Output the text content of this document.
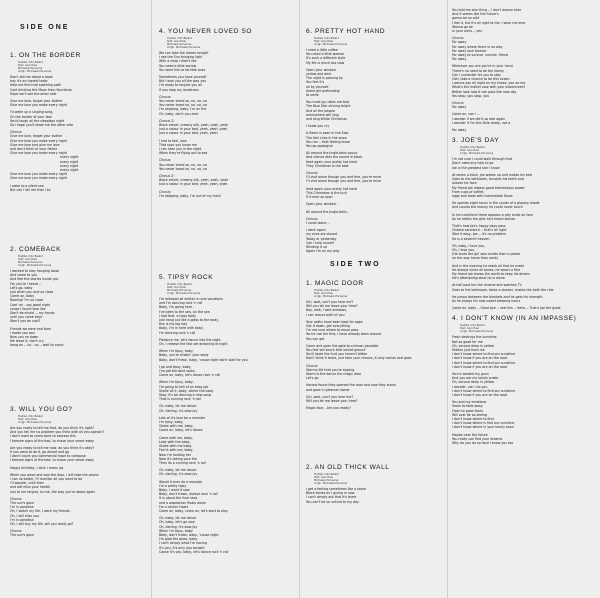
SIDE ONE
1. ON THE BORDER
Hudika / Dio Belaid
Text: Ivan Hasi
Michaela Porvacoa
Arrgt.: Michaela Porvacoa
Don't tell me about a book
hay it's an honest table
Help me find that soothing path
Cold drinking the Moon from flourishes
Hope we'll see the other side
Give me love, forget your bother
Give me love you make every night
I'd wake up a singing song,
On the border of your fear
You'd laugh all the sleepless night
So I hope you'll show me the other side
Chorus:
Give me love, forget your bother
Give me love you make every night
Give me love and give me love
and don't think of your father
Give me love you make every night
every night
every night
every night
every night
Give me love you make every night
Give me love you make every night
I wake to a silent sea
But can I tell me that I lie
2. COMEBACK
Hudika / Dio Belaid
Text: Ivan Hasi
Michaela Porvacoa
Arrgt.: Michaela Porvacoa
I wanted to stay hanging loose
And come to you
And feel the stories inside you
For you're I heard --
Let's go, baby
Just when you and so close
Come on, baby
Roaring! I'm so close
Com' on - say good night
cause I found love like
Don't be afraid ... my hands
until you come back
Won't you be cool?
Friends we were and then
I made you sad
Now you no down
Me leave it, don't cry
hang on -- no - no -- wait to count
3. WILL YOU GO?
Hudika / Dio Belaid
Text: Ivan Hasi
Arrgt.: Michaela Porvacoa
Are you ready to tell me that, do you think it's right?
And you tell me no problem you think with all you opinion?
I don't want to come back to express this
I foresee signs of the bad, to chase your smart away
Are you ready to tell me now, do you think it's okay?
If you want to do it, go ahead and go
I won't count you commercial hope to compose
I foresee signs of the bad, to chase your smart away
Happy birthday, I wish I mean joy
When you wave and saw the door, I will take the phone
I can no better, I'll monitor all you want to be
I'll wonder, until then
and will miss your health
Just to me forgive, to me, the way you're about again
Chorus:
The sun's gone
I'm in paradise
Oh, I watch my life, I want my friends
Oh, I will miss you
I'm in paradise
Oh, I will buy my life, will you really go?
Chorus:
The sun's gone
4. YOU NEVER LOVED SO
Hudika / Dio Belaid
Text: Ivan Hasi
Michaela Porvacoa
Arrgt.: Michaela Porvacoa
We can take the dream tonight
I see the Sun bringing light
With a chap I didn't like
You need a little sorrow
You were the so terrible ones
Sometimes you have yourself
But I won you all the way you
I'm ready to forgive you all
If you stop my loneliness
Chorus:
You never loved so, no, no, no
You never loved so, no, no, no
I'm skipping, baby, I'm on fire
Oh, baby, don't you ever
Chorus 2:
Black velvet, creamy silk, yeah, yeah, yeah
Just a colour in your bed, yeah, yeah, yeah
Just a colour in your bed, yeah, yeah
I had to feel, now
That says you know me
I can hear you in the night
When they're flying out to sea
Chorus:
You never loved so, no, no, no
You never loved so, no, no, no
Chorus 2:
Black velvet, creamy silk, yeah, yeah, yeah
Just a colour in your bed, yeah, yeah, yeah
Chorus:
I'm skipping, baby, I'm out of my mind
5. TIPSY ROCK
Hudika / Dio Belaid
Text: Ivan Hasi
Michaela Porvacoa
Arrgt.: Michaela Porvacoa
I'm released all written in one vacations
and I'm dancing rock 'n roll
Baby, I'm going here -
I've been to the sea, on the sea
I had that, a tipsy body
Just hang out like a glass to the body,
this is my big day
Baby, I'm in here with baby,
I'm dancing rock 'n roll
Pleasure me, let's dance into the night
Oh, I release the fast set drowning at night
When I'm tipsy, baby,
Baby, you're shakin' your body
Baby, don't frown, baby, 'cause night don't wait for you
I go and tipsy, baby,
I've got the best voice,
Come on, baby, let's dance rock 'n roll
When I'm tipsy, baby,
I'm going to hell of an easy job
Shake all it, baby, where the body
Stop, it's be dancing a new song
That is running rock 'n roll
Oh, baby, let me dance
Oh, darling, it's slow joy
Lots of it's love be a monster
I'm tipsy, baby,
Shake with me, baby,
Come on, baby, let's dance
Come with me, baby,
Lady with the baby,
Shake with me baby,
Feel it with me, baby,
Now I'm holding her
Now it's taking your fire
Then its a running rock 'n roll
Oh, baby, let me dance
Oh, darling, it's slow joy
Would it ever do a monster
I'm a pretty tipsy
Baby, I want it now
Baby, don't frown, always rock 'n roll
It is about the fuse seas
and a woodsman floats alone
For a rockin' heart
Come on, baby, come on, let's start to play
Oh, baby, let me dance
Oh, baby, let's go now
Oh, darling, it's slow joy
When I'm tipsy, baby
Baby, don't frown, baby, 'cause night
I'm glad the glass, baby,
I can't simply what I'm having
It's you, it's only you tonight
Cause it's you, baby, let's dance rock 'n roll
6. PRETTY HOT HAND
Hudika / Dio Belaid
Text: Ivan Hasi
Arrgt.: Michaela Porvacoa
I need a little coffee
You need a little woman
It's such a different style
My life is much too slow
Open your window
yellow and dark
The night is passing by
You feel it's
all by yourself
Some girl pretending
to smile
You must go, lakes are bad
The Blue Star shining bright
And all the people
everywhere will sing
and sing White Christmas
I know you cry
A flame is seen in the East
The feel cries in the snow
You ran -- that feeling know
You go apologize
All around the jingle-bells sound
And silence dies the sound in black
Hold again your pretty hot hand
They Christmas is the best
Chorus:
I'll visit alone though you and fine, you're mine
I'll visit alone though you and fine, you're mine
Hold again your pretty hot hand
This Christmas is the luck
If it ever so soon
Open your window -
All around the jingle-bells -
Chorus:
I could alone --
I went again
my eyes are closed
Today or yesterday
Can I help myself
Winding it up
Again I'm on my way
SIDE TWO
1. MAGIC DOOR
Hudika / Dio Belaid
Text: Ivan Hasi
Arrgt.: Michaela Porvacoa
Girl, wait, can't you hear me?
Will you let me leave your time?
Boy, wait, I said windows,
I can rescue both of you
Your paths have been kept for ages
Get it down, get everything
I'm not sure where to move pass
You're not the first, I have already been around
You can get
Come and open the gate to crimson paradise
You feel will touch that velvet ground
You'll taste the fruit you haven't bitten
Don't think it twice, just take your chance, it only comes and goes
Chorus:
Stormy life that you're sipping
Storm is the dance the magic door
Let's go
Honest found they opened the door and now they stand
and gaze in gleamen dome
Girl, wait, can't you hear me?
Will you let me leave your time?
Magic door - Are you ready?
2. AN OLD THICK WALL
Hudika / Dio Belaid
Text: Ivan Hasi
Michaela Porvacoa
Arrgt.: Michaela Porvacoa
I get a feeling sometimes like a stone
Black bones on I giving in now
I can't simply ask that it's there
You can't be so unkind to my day
You told me one thing -- I don't wanna hear
And it seems like the future's
gonna be so cold
I feel it, but it's all right to me. I wear me ever
Wanna go be
in your arms -- yes
Chorus:
Far away
Far away where there is no way
Far away love forever
Far away to survive, survive, friend
Far away
Wherever you are you're in your hand
There's no need to be the honey
Can I surrender for you to stay
Ooh, take a chance to be this ocean
I wanna say all night on my knees, you do me
What's the matter now with your adventures?
Better look how it can pass like new day
You stop, you stop, you
Chorus:
Far away
Come on, can I ...
I wonder if we did it so late again
I wonder if I'm this little ready, not a
Far away
3. JOE'S DAY
Hudika / Dio Belaid
Text: Ivan Hasi
Arrgt.: Michaela Porvacoa
I'm not sure I could walk through that
Don't need any help to go
Joe is the greatest star I know
At seven o'clock, Joe wakes up and makes his bed
Goes to the bathroom, brushes his teeth and
shaves his face
My friend Joe always good tremendous power
From cups of coffee,
eggs and toast with marmalade flavor
He spends eight hours in the courts of a gloomy shade
And counts the money he could never touch
In his lunchtime there appears a pity smile on face
As he retells the girls he's heard stories
That's how Joe's happy days pass
Cheese sandwich -- that's all right
Take it easy, Joe -- it's no problem
He is a seventh heaven
Oh, baby, I love you,
Oh, I love you,
(He loves the girl who smiles from a poster
on the way home from work)
And in the evening he reads all that he made
He always slices all bones, he wears a fine
My friend Joe shows the world to keep his dream
He's attempting what he is alone
At half past ten the cinema and watches TV
Goes to the bathroom, takes a shower, makes the bath the ride
He jumps between the blankets and he gets his strength
As he enjoys his new sweet sleeping hours
Come on, baby -- Good bye -- see him -- Hello -- That's Joe the great
4. I DON'T KNOW (IN AN IMPASSE)
Hudika / Dio Belaid
Text: Ivan Hasi
Arrgt.: Michaela Porvacoa
Fresh destroys the sunshine
Not so good for me
Oh, second deep in yellow
Hidden just from me
I don't know where to find our sunshine
I don't know if you are on the road
I don't know where to find our sunshine
I don't know if you are on the road
You're wasted my guns
And you are my lonely snake
Oh, second deep in yellow
I wonder, can I do you
I don't know where to find our sunshine
I don't know if you are on the road
You and my emotions
Seem to fade away
Fresh to grew faces
Will over be so seeing
I don't know where to find
I don't know where is find our sunshine
I don't know where in your lonely town
Maybe near the future
You really can find your dreams
Why do you do so hard I know you too
